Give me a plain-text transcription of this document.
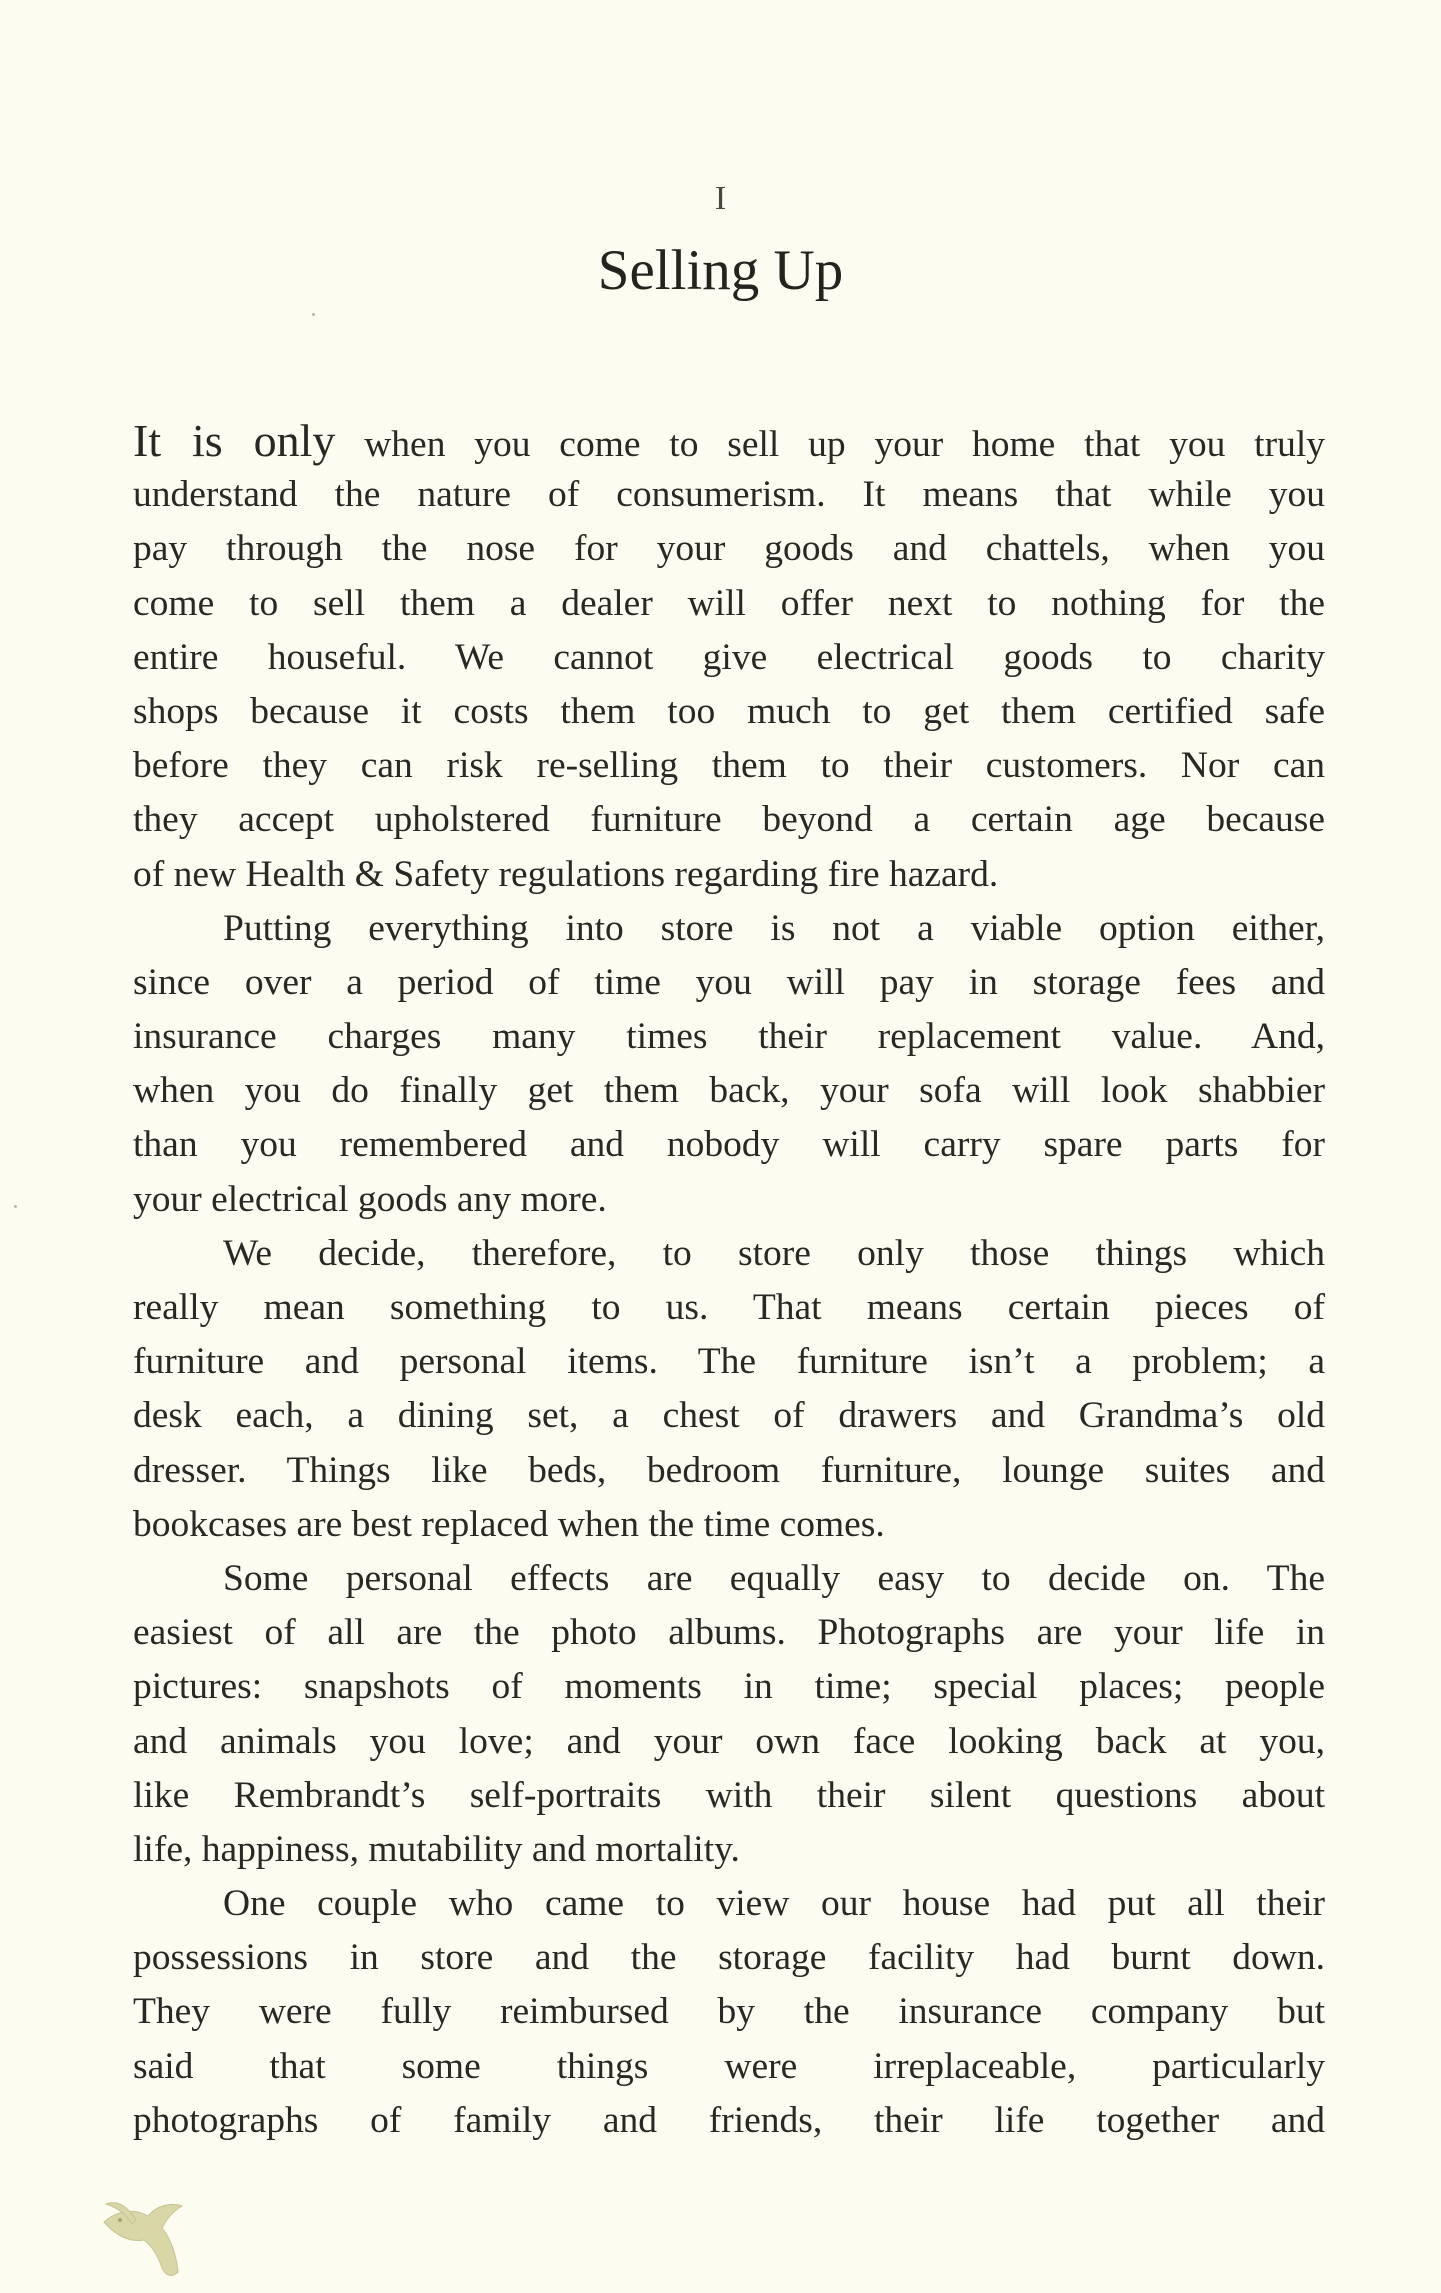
I
Selling Up
It is only when you come to sell up your home that you truly
understand the nature of consumerism. It means that while you
pay through the nose for your goods and chattels, when you
come to sell them a dealer will offer next to nothing for the
entire houseful. We cannot give electrical goods to charity
shops because it costs them too much to get them certified safe
before they can risk re-selling them to their customers. Nor can
they accept upholstered furniture beyond a certain age because
of new Health & Safety regulations regarding fire hazard.
Putting everything into store is not a viable option either,
since over a period of time you will pay in storage fees and
insurance charges many times their replacement value. And,
when you do finally get them back, your sofa will look shabbier
than you remembered and nobody will carry spare parts for
your electrical goods any more.
We decide, therefore, to store only those things which
really mean something to us. That means certain pieces of
furniture and personal items. The furniture isn’t a problem; a
desk each, a dining set, a chest of drawers and Grandma’s old
dresser. Things like beds, bedroom furniture, lounge suites and
bookcases are best replaced when the time comes.
Some personal effects are equally easy to decide on. The
easiest of all are the photo albums. Photographs are your life in
pictures: snapshots of moments in time; special places; people
and animals you love; and your own face looking back at you,
like Rembrandt’s self-portraits with their silent questions about
life, happiness, mutability and mortality.
One couple who came to view our house had put all their
possessions in store and the storage facility had burnt down.
They were fully reimbursed by the insurance company but
said that some things were irreplaceable, particularly
photographs of family and friends, their life together and
